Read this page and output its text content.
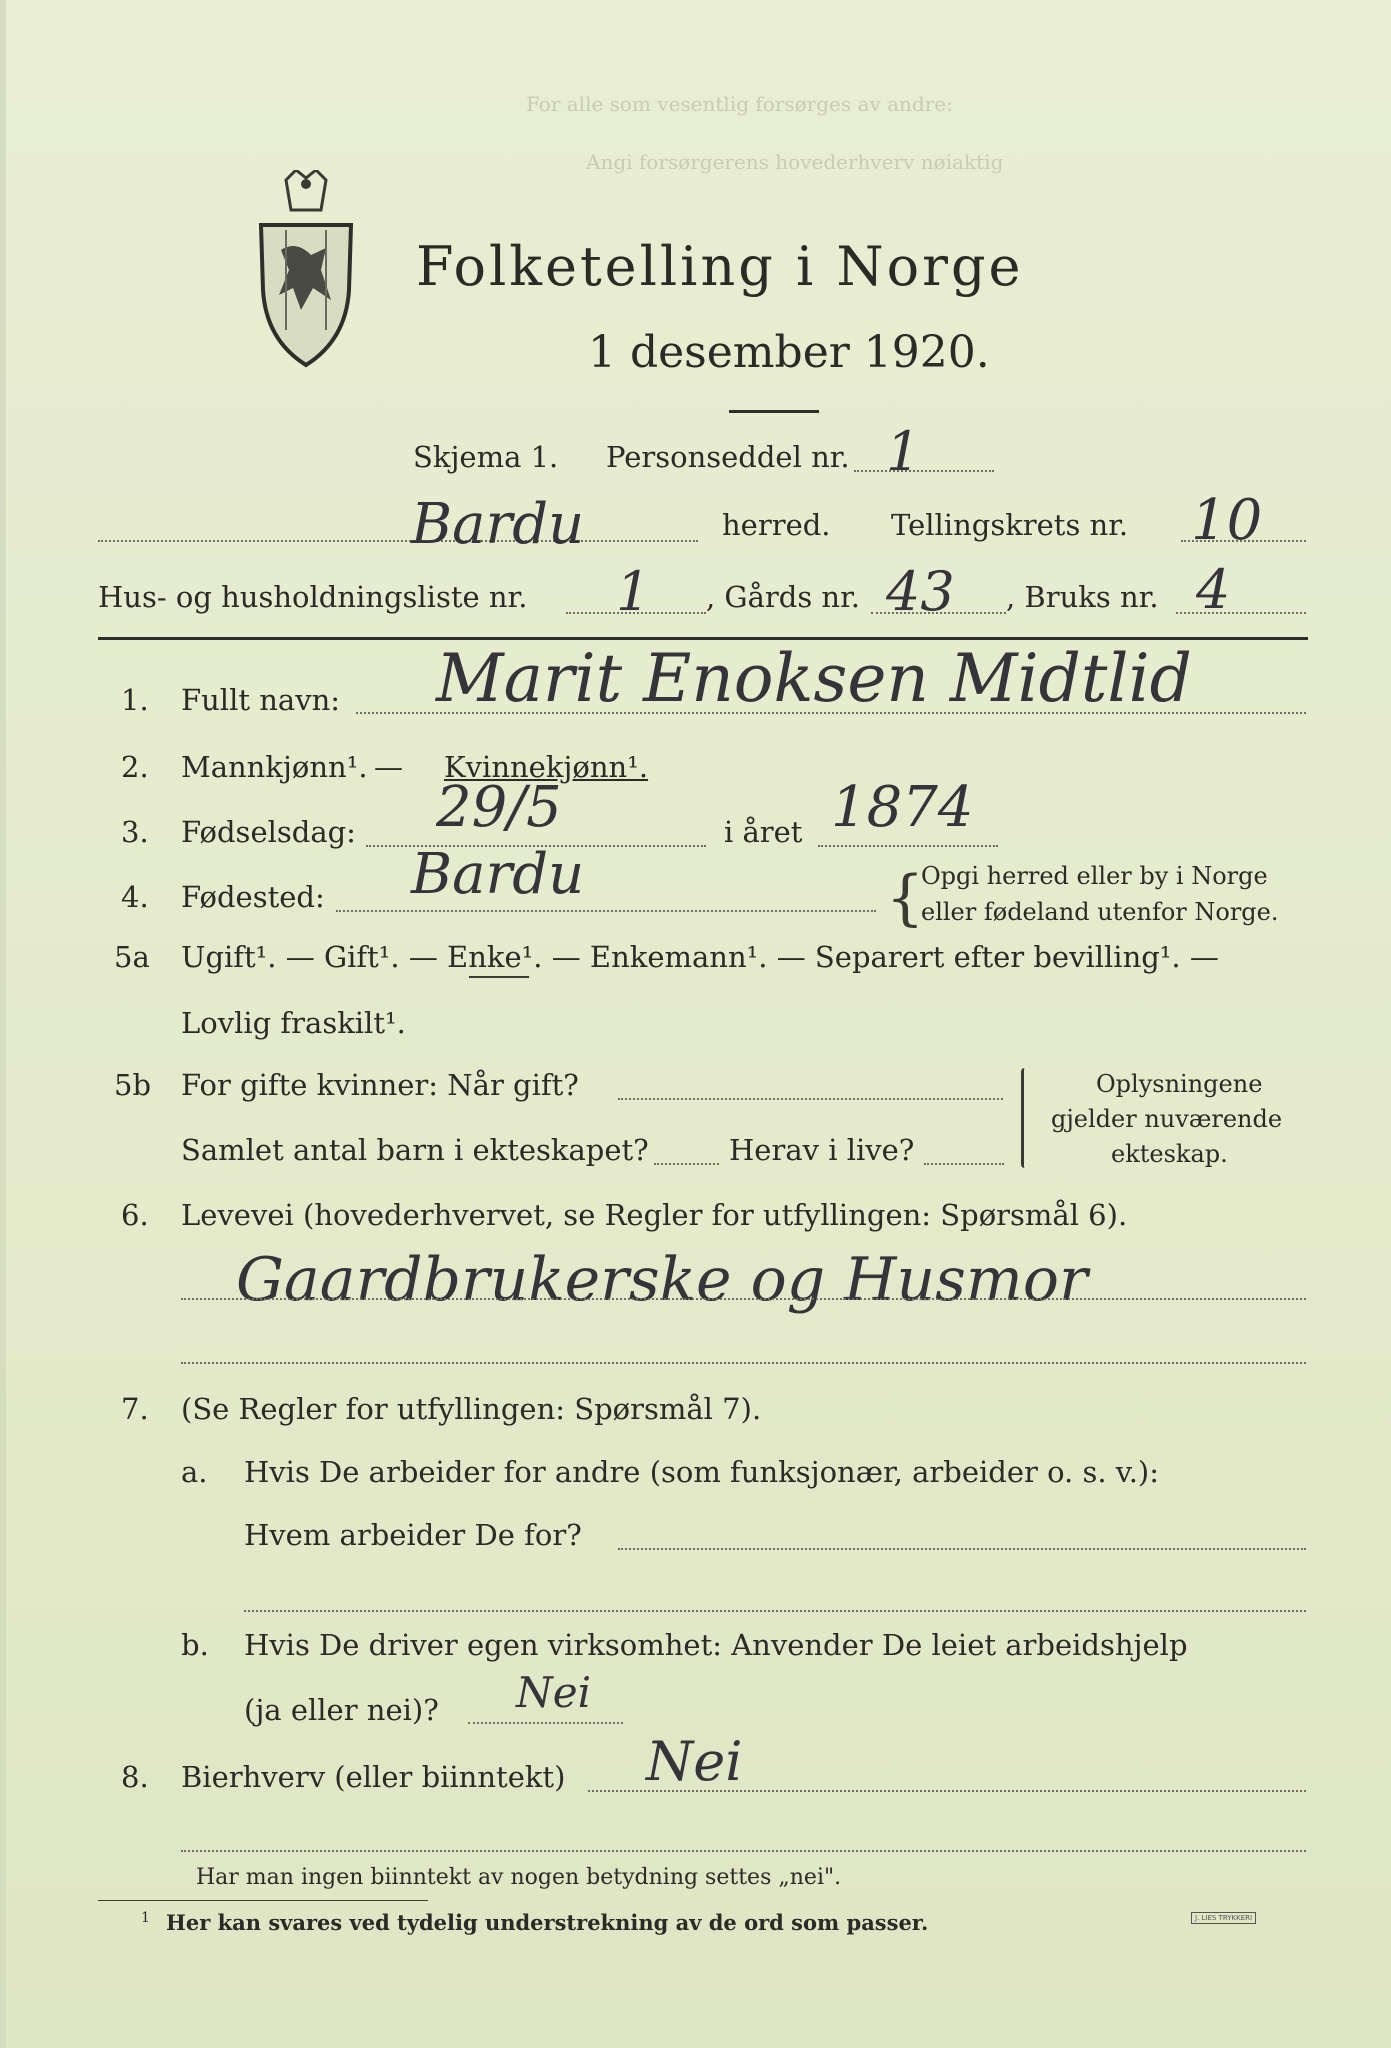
For alle som vesentlig forsørges av andre:
Angi forsørgerens hovederhverv nøiaktig
Folketelling i Norge
1 desember 1920.
Skjema 1. Personseddel nr. 1
Bardu	herred. Tellingskrets nr. 10
Hus- og husholdningsliste nr. 1 , Gårds nr. 43 , Bruks nr. 4
1. Fullt navn: Marit Enoksen Midtlid
2. Mannkjønn¹. — Kvinnekjønn¹.
3. Fødselsdag: 29/5	i året 1874
4. Fødested: Bardu	{
Opgi herred eller by i Norge
eller fødeland utenfor Norge.
5a Ugift¹. — Gift¹. — Enke¹. — Enkemann¹. — Separert efter bevilling¹. —
Lovlig fraskilt¹.
5b For gifte kvinner: Når gift?
Samlet antal barn i ekteskapet?	Herav i live?
Oplysningene
gjelder nuværende
ekteskap.
6. Levevei (hovederhvervet, se Regler for utfyllingen: Spørsmål 6).
Gaardbrukerske og Husmor
7. (Se Regler for utfyllingen: Spørsmål 7).
a. Hvis De arbeider for andre (som funksjonær, arbeider o. s. v.):
Hvem arbeider De for?
b. Hvis De driver egen virksomhet: Anvender De leiet arbeidshjelp
(ja eller nei)? Nei
8. Bierhverv (eller biinntekt) Nei
Har man ingen biinntekt av nogen betydning settes „nei".
1 Her kan svares ved tydelig understrekning av de ord som passer.	J. LIES TRYKKERI
